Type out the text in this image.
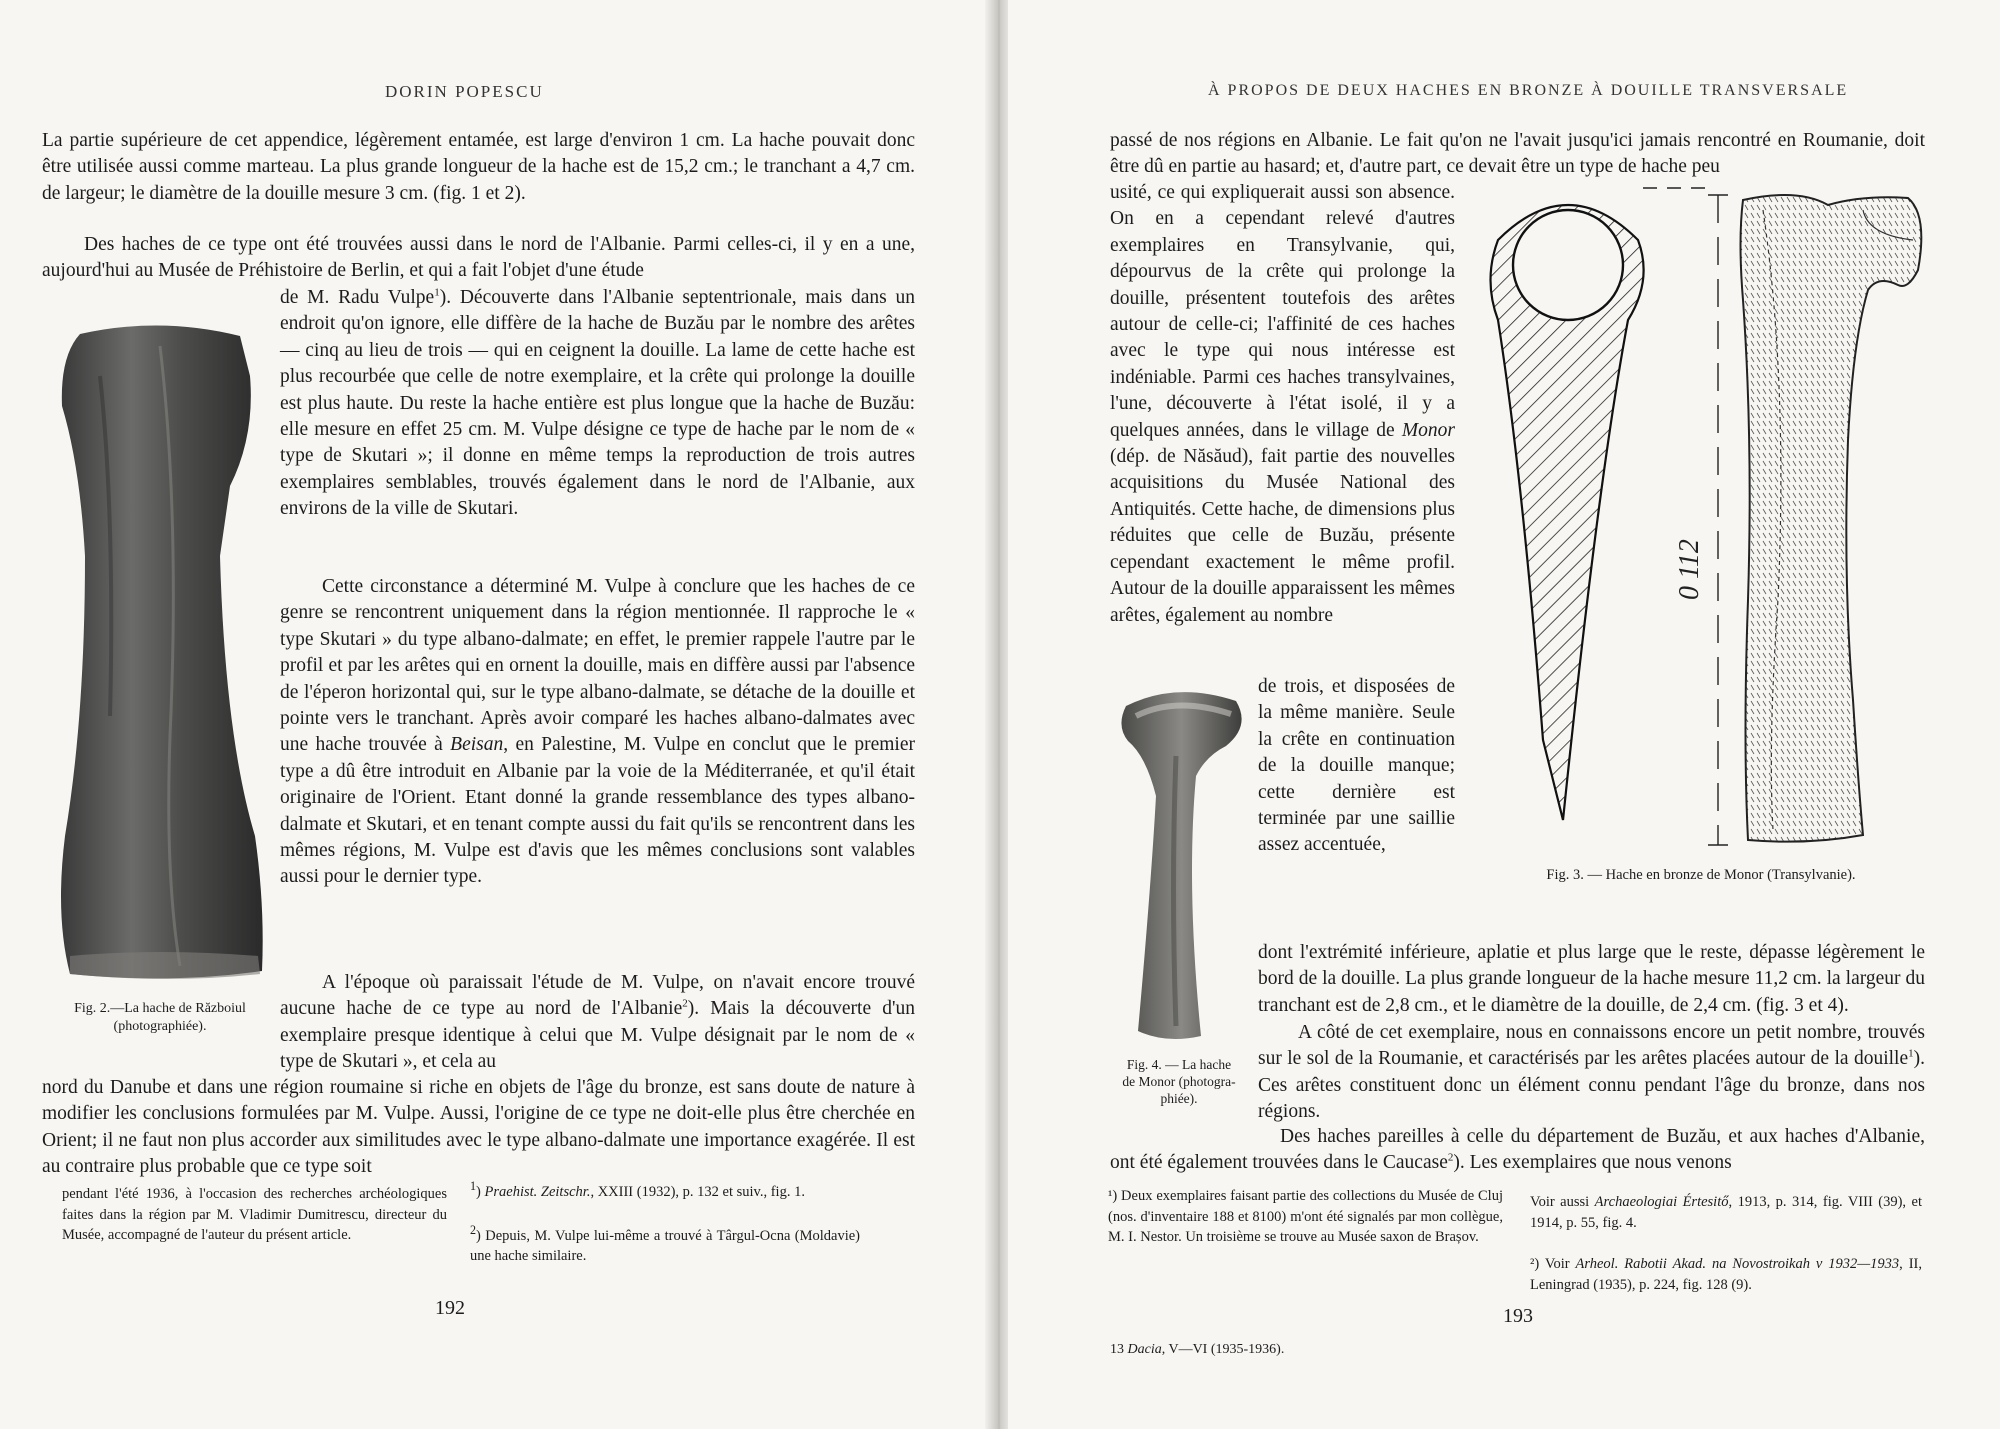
DORIN POPESCU

La partie supérieure de cet appendice, légèrement entamée, est large d'environ 1 cm. La hache pouvait donc être utilisée aussi comme marteau. La plus grande longueur de la hache est de 15,2 cm.; le tranchant a 4,7 cm. de largeur; le diamètre de la douille mesure 3 cm. (fig. 1 et 2).

Des haches de ce type ont été trouvées aussi dans le nord de l'Albanie. Parmi celles-ci, il y en a une, aujourd'hui au Musée de Préhistoire de Berlin, et qui a fait l'objet d'une étude

de M. Radu Vulpe$^1$). Découverte dans l'Albanie septentrionale, mais dans un endroit qu'on ignore, elle diffère de la hache de Buzău par le nombre des arêtes — cinq au lieu de trois — qui en ceignent la douille. La lame de cette hache est plus recourbée que celle de notre exemplaire, et la crête qui prolonge la douille est plus haute. Du reste la hache entière est plus longue que la hache de Buzău: elle mesure en effet 25 cm. M. Vulpe désigne ce type de hache par le nom de « type de Skutari »; il donne en même temps la reproduction de trois autres exemplaires semblables, trouvés également dans le nord de l'Albanie, aux environs de la ville de Skutari.

Cette circonstance a déterminé M. Vulpe à conclure que les haches de ce genre se rencontrent uniquement dans la région mentionnée. Il rapproche le « type Skutari » du type albano-dalmate; en effet, le premier rappele l'autre par le profil et par les arêtes qui en ornent la douille, mais en diffère aussi par l'absence de l'éperon horizontal qui, sur le type albano-dalmate, se détache de la douille et pointe vers le tranchant. Après avoir comparé les haches albano-dalmates avec une hache trouvée à Beisan, en Palestine, M. Vulpe en conclut que le premier type a dû être introduit en Albanie par la voie de la Méditerranée, et qu'il était originaire de l'Orient. Etant donné la grande ressemblance des types albano-dalmate et Skutari, et en tenant compte aussi du fait qu'ils se rencontrent dans les mêmes régions, M. Vulpe est d'avis que les mêmes conclusions sont valables aussi pour le dernier type.

A l'époque où paraissait l'étude de M. Vulpe, on n'avait encore trouvé aucune hache de ce type au nord de l'Albanie$^2$). Mais la découverte d'un exemplaire presque identique à celui que M. Vulpe désignait par le nom de « type de Skutari », et cela au

nord du Danube et dans une région roumaine si riche en objets de l'âge du bronze, est sans doute de nature à modifier les conclusions formulées par M. Vulpe. Aussi, l'origine de ce type ne doit-elle plus être cherchée en Orient; il ne faut non plus accorder aux similitudes avec le type albano-dalmate une importance exagérée. Il est au contraire plus probable que ce type soit

Fig. 2.—La hache de Războiul
(photographiée).

pendant l'été 1936, à l'occasion des recherches archéologiques faites dans la région par M. Vladimir Dumitrescu, directeur du Musée, accompagné de l'auteur du présent article.

$^1$) Praehist. Zeitschr., XXIII (1932), p. 132 et suiv., fig. 1.

$^2$) Depuis, M. Vulpe lui-même a trouvé à Târgul-Ocna (Moldavie) une hache similaire.

192
À PROPOS DE DEUX HACHES EN BRONZE À DOUILLE TRANSVERSALE

passé de nos régions en Albanie. Le fait qu'on ne l'avait jusqu'ici jamais rencontré en Roumanie, doit être dû en partie au hasard; et, d'autre part, ce devait être un type de hache peu

usité, ce qui expliquerait aussi son absence. On en a cependant relevé d'autres exemplaires en Transylvanie, qui, dépourvus de la crête qui prolonge la douille, présentent toutefois des arêtes autour de celle-ci; l'affinité de ces haches avec le type qui nous intéresse est indéniable. Parmi ces haches transylvaines, l'une, découverte à l'état isolé, il y a quelques années, dans le village de Monor (dép. de Năsăud), fait partie des nouvelles acquisitions du Musée National des Antiquités. Cette hache, de dimensions plus réduites que celle de Buzău, présente cependant exactement le même profil. Autour de la douille apparaissent les mêmes arêtes, également au nombre

de trois, et disposées de la même manière. Seule la crête en continuation de la douille manque; cette dernière est terminée par une saillie assez accentuée,

dont l'extrémité inférieure, aplatie et plus large que le reste, dépasse légèrement le bord de la douille. La plus grande longueur de la hache mesure 11,2 cm. la largeur du tranchant est de 2,8 cm., et le diamètre de la douille, de 2,4 cm. (fig. 3 et 4).

A côté de cet exemplaire, nous en connaissons encore un petit nombre, trouvés sur le sol de la Roumanie, et caractérisés par les arêtes placées autour de la douille$^1$). Ces arêtes constituent donc un élément connu pendant l'âge du bronze, dans nos régions.

Des haches pareilles à celle du département de Buzău, et aux haches d'Albanie, ont été également trouvées dans le Caucase$^2$). Les exemplaires que nous venons

0 112
Fig. 3. — Hache en bronze de Monor (Transylvanie).
Fig. 4. — La hache
de Monor (photogra-
phiée).

¹) Deux exemplaires faisant partie des collections du Musée de Cluj (nos. d'inventaire 188 et 8100) m'ont été signalés par mon collègue, M. I. Nestor. Un troisième se trouve au Musée saxon de Brașov.

Voir aussi Archaeologiai Értesitő, 1913, p. 314, fig. VIII (39), et 1914, p. 55, fig. 4.

²) Voir Arheol. Rabotii Akad. na Novostroikah v 1932—1933, II, Leningrad (1935), p. 224, fig. 128 (9).

193
13 Dacia, V—VI (1935-1936).
